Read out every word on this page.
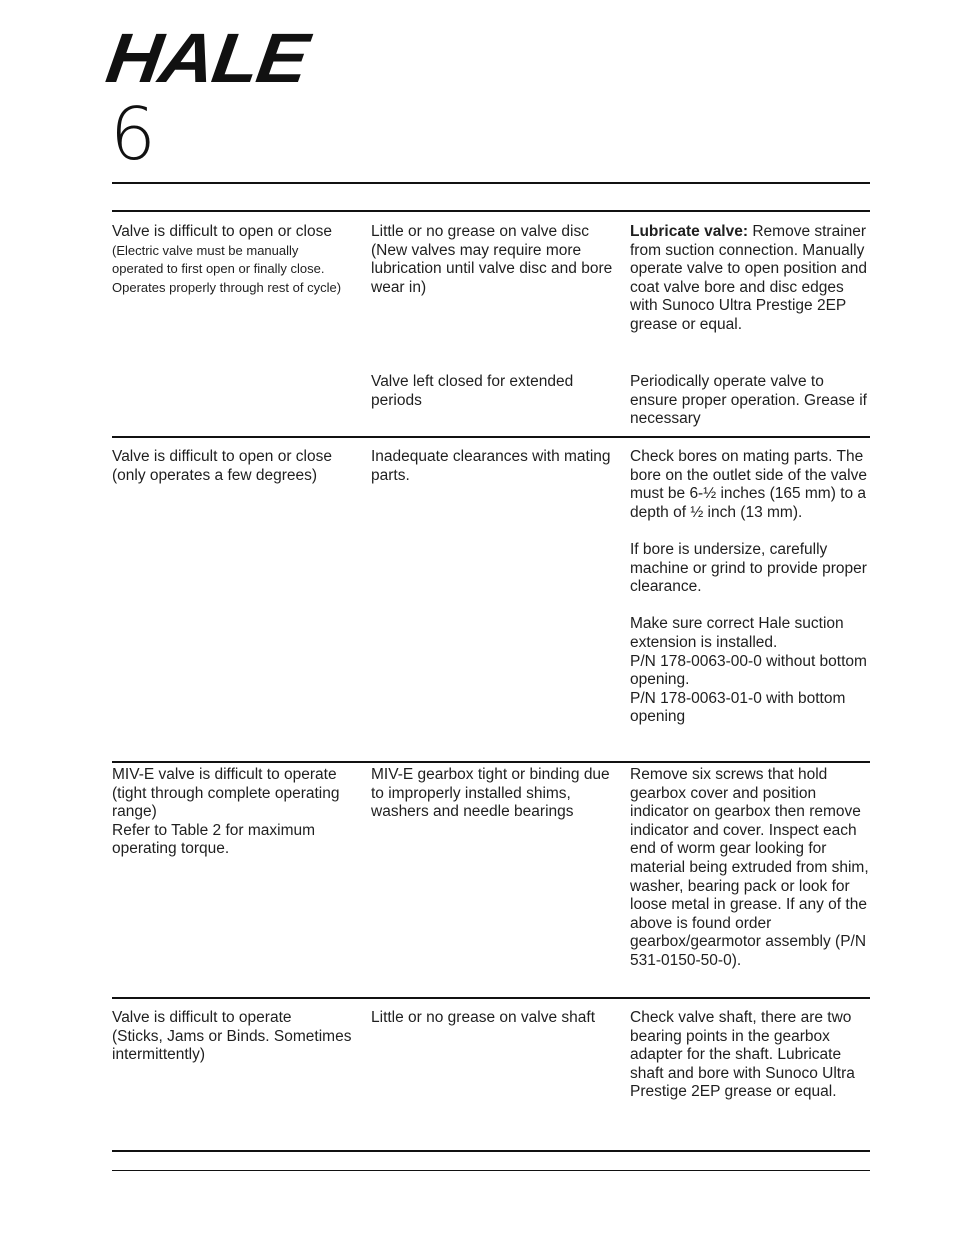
HALE
6
Valve is difficult to open or close
(Electric valve must be manually operated to first open or finally close. Operates properly through rest of cycle)
Little or no grease on valve disc (New valves may require more lubrication until valve disc and bore wear in)
Lubricate valve: Remove strainer from suction connection. Manually operate valve to open position and coat valve bore and disc edges with Sunoco Ultra Prestige 2EP grease or equal.
Valve left closed for extended periods
Periodically operate valve to ensure proper operation. Grease if necessary
Valve is difficult to open or close
(only operates a few degrees)
Inadequate clearances with mating parts.
Check bores on mating parts. The bore on the outlet side of the valve must be 6-½ inches (165 mm) to a depth of ½ inch (13 mm).
If bore is undersize, carefully machine or grind to provide proper clearance.
Make sure correct Hale suction extension is installed.
P/N 178-0063-00-0 without bottom opening.
P/N 178-0063-01-0 with bottom opening
MIV-E valve is difficult to operate
(tight through complete operating range)
Refer to Table 2 for maximum operating torque.
MIV-E gearbox tight or binding due to improperly installed shims, washers and needle bearings
Remove six screws that hold gearbox cover and position indicator on gearbox then remove indicator and cover. Inspect each end of worm gear looking for material being extruded from shim, washer, bearing pack or look for loose metal in grease. If any of the above is found order gearbox/gearmotor assembly (P/N 531-0150-50-0).
Valve is difficult to operate
(Sticks, Jams or Binds. Sometimes intermittently)
Little or no grease on valve shaft	Check valve shaft, there are two bearing points in the gearbox adapter for the shaft. Lubricate shaft and bore with Sunoco Ultra Prestige 2EP grease or equal.
